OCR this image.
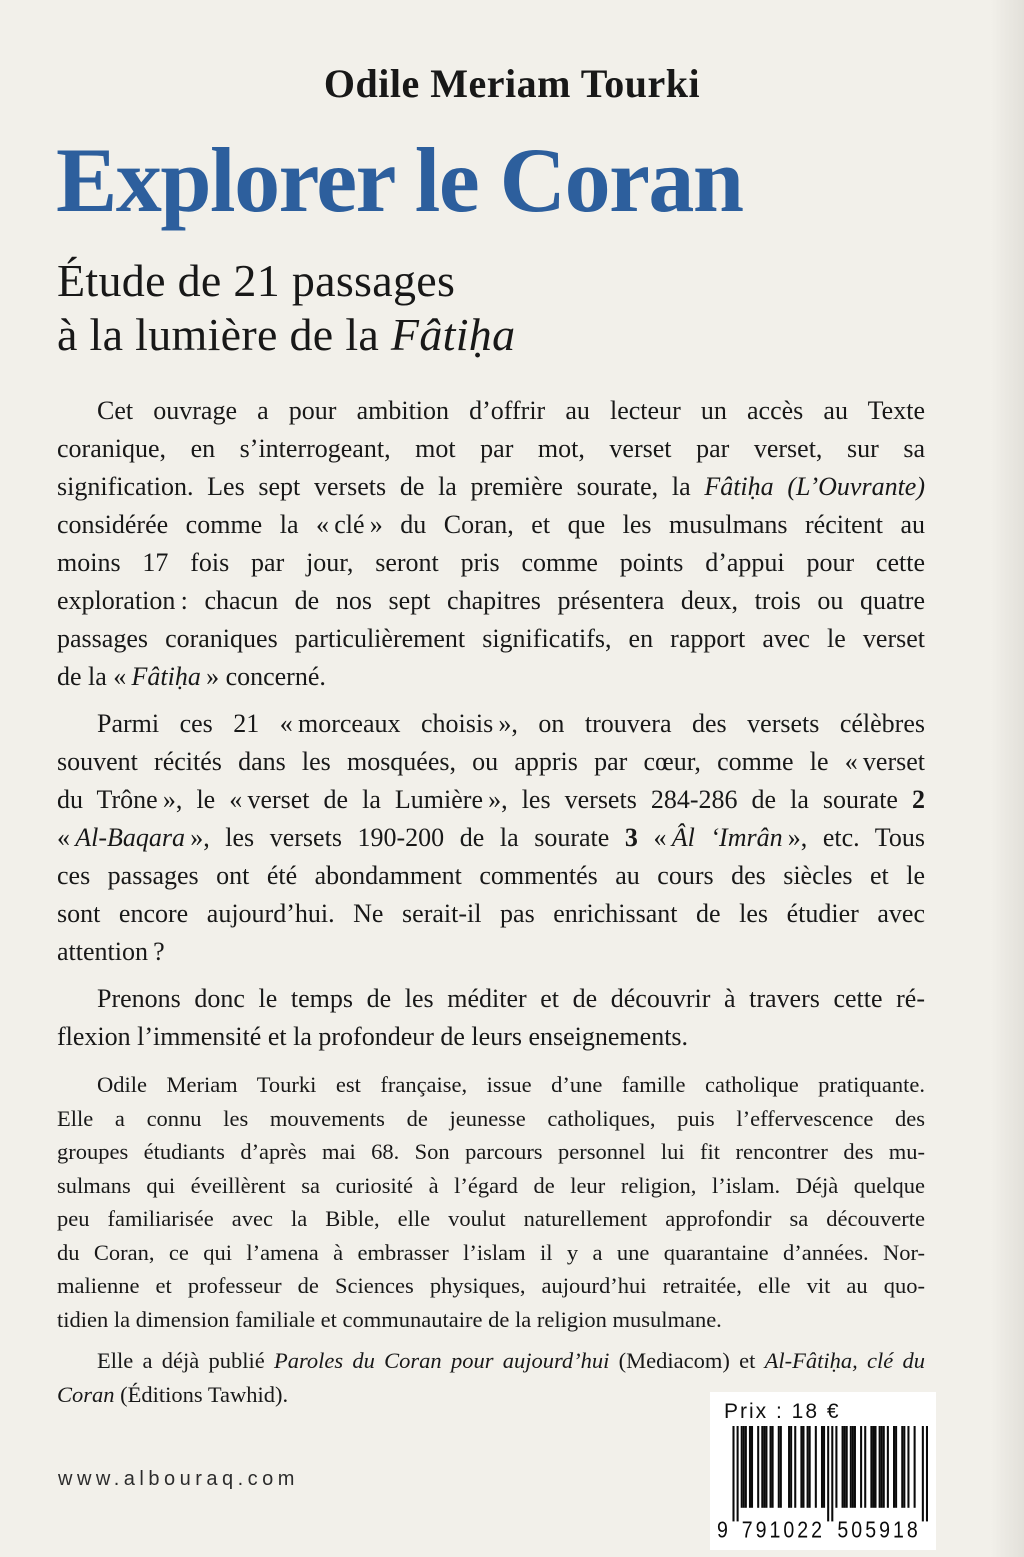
Odile Meriam Tourki
Explorer le Coran
Étude de 21 passages
à la lumière de la Fâtiḥa
Cet ouvrage a pour ambition d’offrir au lecteur un accès au Texte
coranique, en s’interrogeant, mot par mot, verset par verset, sur sa
signification. Les sept versets de la première sourate, la Fâtiḥa (L’Ouvrante)
considérée comme la « clé » du Coran, et que les musulmans récitent au
moins 17 fois par jour, seront pris comme points d’appui pour cette
exploration : chacun de nos sept chapitres présentera deux, trois ou quatre
passages coraniques particulièrement significatifs, en rapport avec le verset
de la « Fâtiḥa » concerné.
Parmi ces 21 « morceaux choisis », on trouvera des versets célèbres
souvent récités dans les mosquées, ou appris par cœur, comme le « verset
du Trône », le « verset de la Lumière », les versets 284-286 de la sourate 2
« Al-Baqara », les versets 190-200 de la sourate 3 « Âl ‘Imrân », etc. Tous
ces passages ont été abondamment commentés au cours des siècles et le
sont encore aujourd’hui. Ne serait-il pas enrichissant de les étudier avec
attention ?
Prenons donc le temps de les méditer et de découvrir à travers cette ré-
flexion l’immensité et la profondeur de leurs enseignements.
Odile Meriam Tourki est française, issue d’une famille catholique pratiquante.
Elle a connu les mouvements de jeunesse catholiques, puis l’effervescence des
groupes étudiants d’après mai 68. Son parcours personnel lui fit rencontrer des mu-
sulmans qui éveillèrent sa curiosité à l’égard de leur religion, l’islam. Déjà quelque
peu familiarisée avec la Bible, elle voulut naturellement approfondir sa découverte
du Coran, ce qui l’amena à embrasser l’islam il y a une quarantaine d’années. Nor-
malienne et professeur de Sciences physiques, aujourd’hui retraitée, elle vit au quo-
tidien la dimension familiale et communautaire de la religion musulmane.
Elle a déjà publié Paroles du Coran pour aujourd’hui (Mediacom) et Al-Fâtiḥa, clé du
Coran (Éditions Tawhid).
www.albouraq.com
Prix : 18 €
9 791022 505918
